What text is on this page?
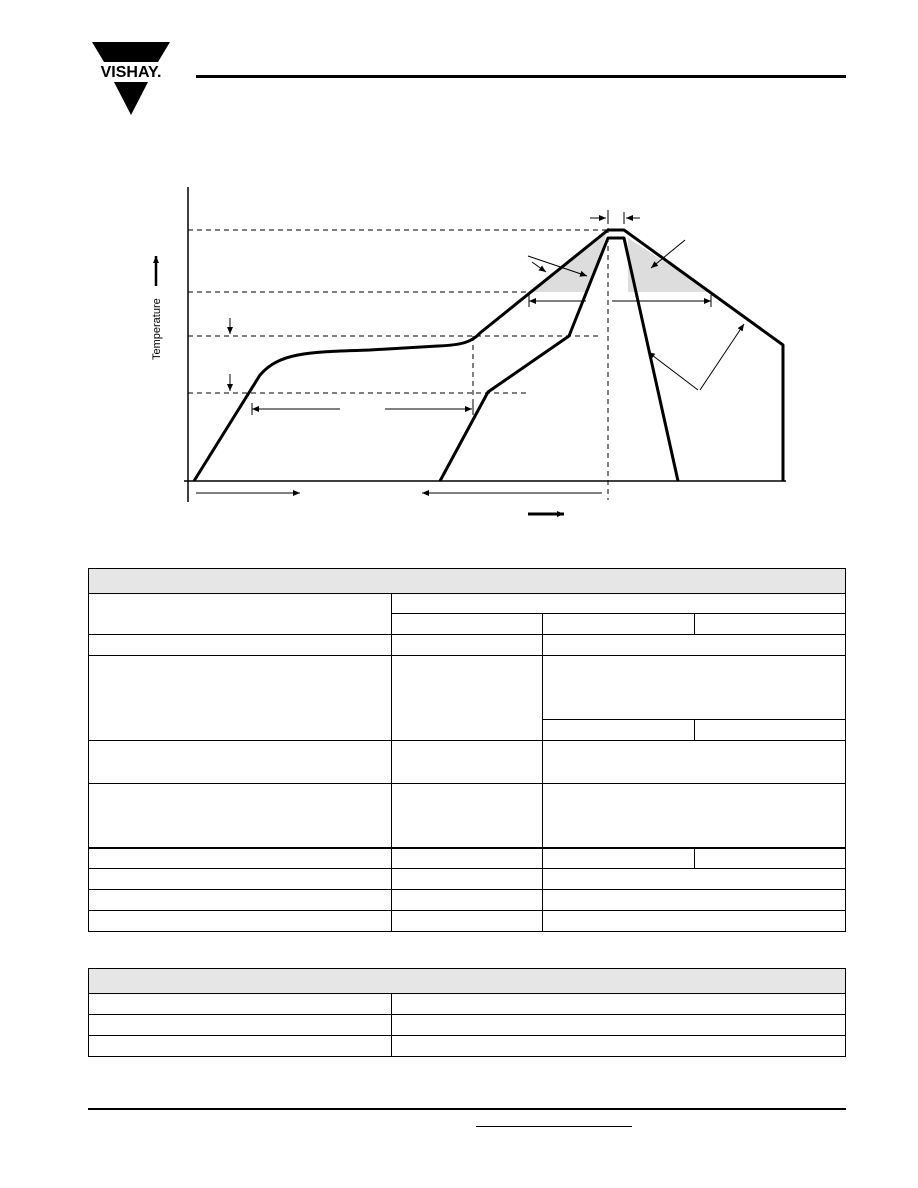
VISHAY.
Temperature
